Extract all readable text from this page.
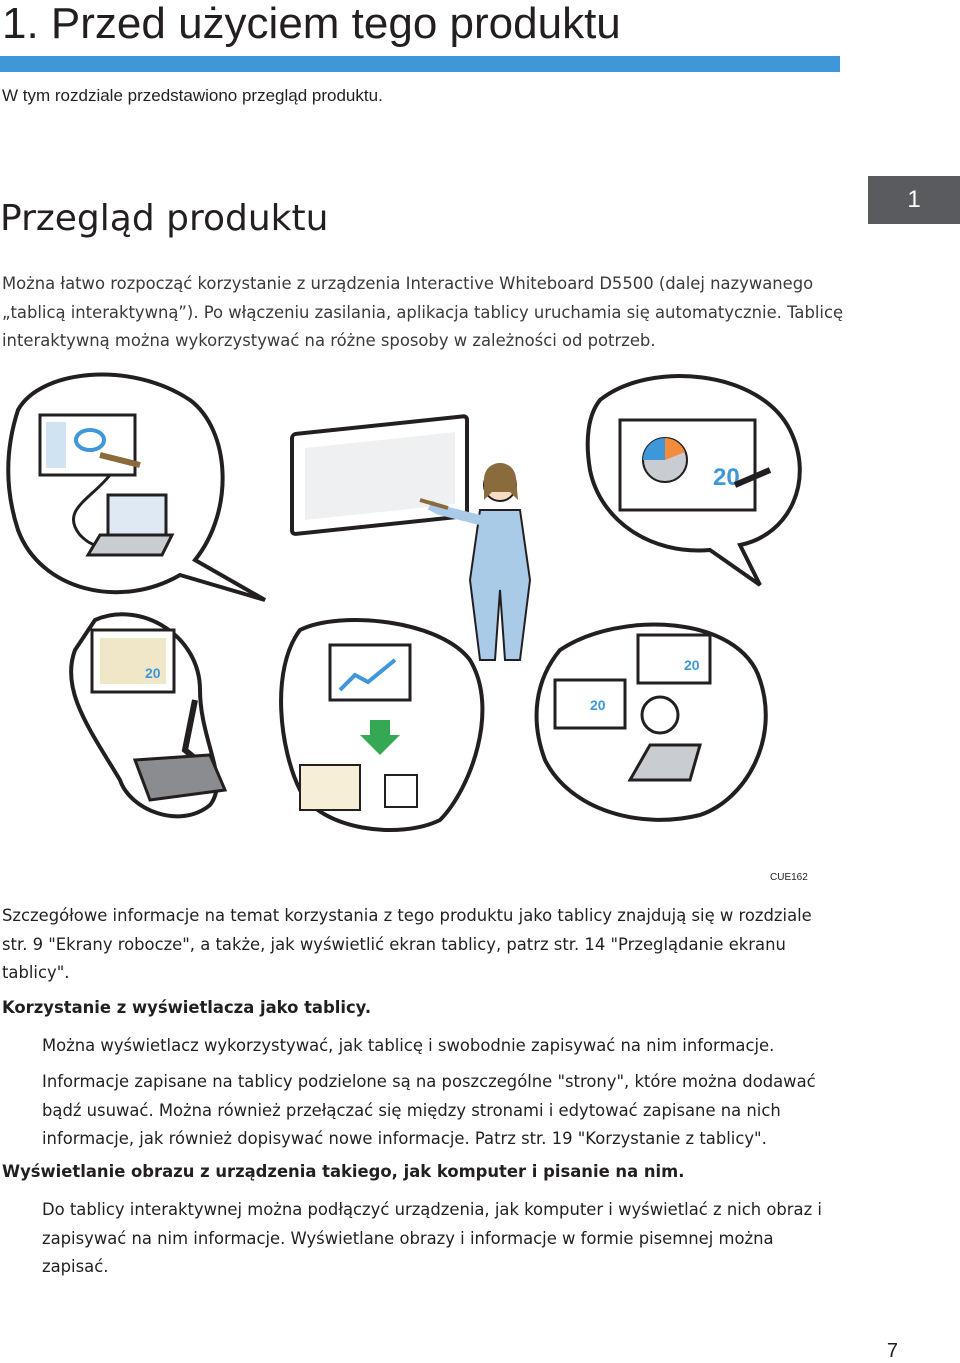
1. Przed użyciem tego produktu

W tym rozdziale przedstawiono przegląd produktu.

1
Przegląd produktu

Można łatwo rozpocząć korzystanie z urządzenia Interactive Whiteboard D5500 (dalej nazywanego „tablicą interaktywną”). Po włączeniu zasilania, aplikacja tablicy uruchamia się automatycznie. Tablicę interaktywną można wykorzystywać na różne sposoby w zależności od potrzeb.

20
20	20
20
CUE162

Szczegółowe informacje na temat korzystania z tego produktu jako tablicy znajdują się w rozdziale str. 9 "Ekrany robocze", a także, jak wyświetlić ekran tablicy, patrz str. 14 "Przeglądanie ekranu tablicy".

Korzystanie z wyświetlacza jako tablicy.

Można wyświetlacz wykorzystywać, jak tablicę i swobodnie zapisywać na nim informacje.

Informacje zapisane na tablicy podzielone są na poszczególne "strony", które można dodawać bądź usuwać. Można również przełączać się między stronami i edytować zapisane na nich informacje, jak również dopisywać nowe informacje. Patrz str. 19 "Korzystanie z tablicy".

Wyświetlanie obrazu z urządzenia takiego, jak komputer i pisanie na nim.

Do tablicy interaktywnej można podłączyć urządzenia, jak komputer i wyświetlać z nich obraz i zapisywać na nim informacje. Wyświetlane obrazy i informacje w formie pisemnej można zapisać.

7
